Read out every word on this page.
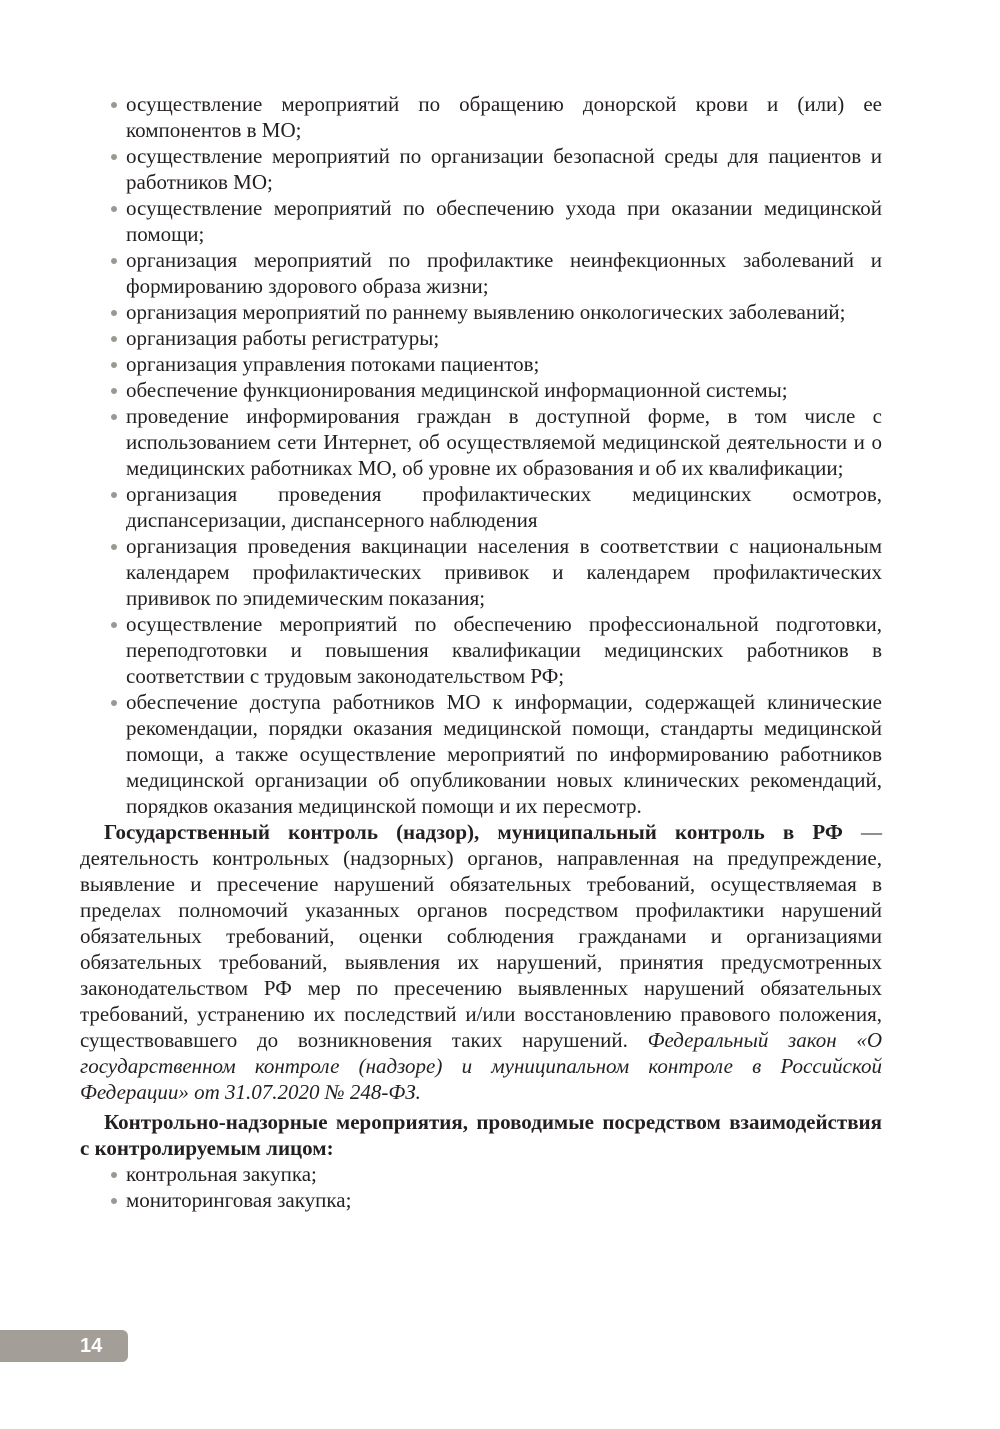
осуществление мероприятий по обращению донорской крови и (или) ее компонентов в МО;
осуществление мероприятий по организации безопасной среды для пациентов и работников МО;
осуществление мероприятий по обеспечению ухода при оказании медицинской помощи;
организация мероприятий по профилактике неинфекционных заболеваний и формированию здорового образа жизни;
организация мероприятий по раннему выявлению онкологических заболеваний;
организация работы регистратуры;
организация управления потоками пациентов;
обеспечение функционирования медицинской информационной системы;
проведение информирования граждан в доступной форме, в том числе с использованием сети Интернет, об осуществляемой медицинской деятельности и о медицинских работниках МО, об уровне их образования и об их квалификации;
организация проведения профилактических медицинских осмотров, диспансеризации, диспансерного наблюдения
организация проведения вакцинации населения в соответствии с национальным календарем профилактических прививок и календарем профилактических прививок по эпидемическим показания;
осуществление мероприятий по обеспечению профессиональной подготовки, переподготовки и повышения квалификации медицинских работников в соответствии с трудовым законодательством РФ;
обеспечение доступа работников МО к информации, содержащей клинические рекомендации, порядки оказания медицинской помощи, стандарты медицинской помощи, а также осуществление мероприятий по информированию работников медицинской организации об опубликовании новых клинических рекомендаций, порядков оказания медицинской помощи и их пересмотр.

Государственный контроль (надзор), муниципальный контроль в РФ — деятельность контрольных (надзорных) органов, направленная на предупреждение, выявление и пресечение нарушений обязательных требований, осуществляемая в пределах полномочий указанных органов посредством профилактики нарушений обязательных требований, оценки соблюдения гражданами и организациями обязательных требований, выявления их нарушений, принятия предусмотренных законодательством РФ мер по пресечению выявленных нарушений обязательных требований, устранению их последствий и/или восстановлению правового положения, существовавшего до возникновения таких нарушений. Федеральный закон «О государственном контроле (надзоре) и муниципальном контроле в Российской Федерации» от 31.07.2020 № 248-ФЗ.

Контрольно-надзорные мероприятия, проводимые посредством взаимодействия с контролируемым лицом:

контрольная закупка;
мониторинговая закупка;
14
